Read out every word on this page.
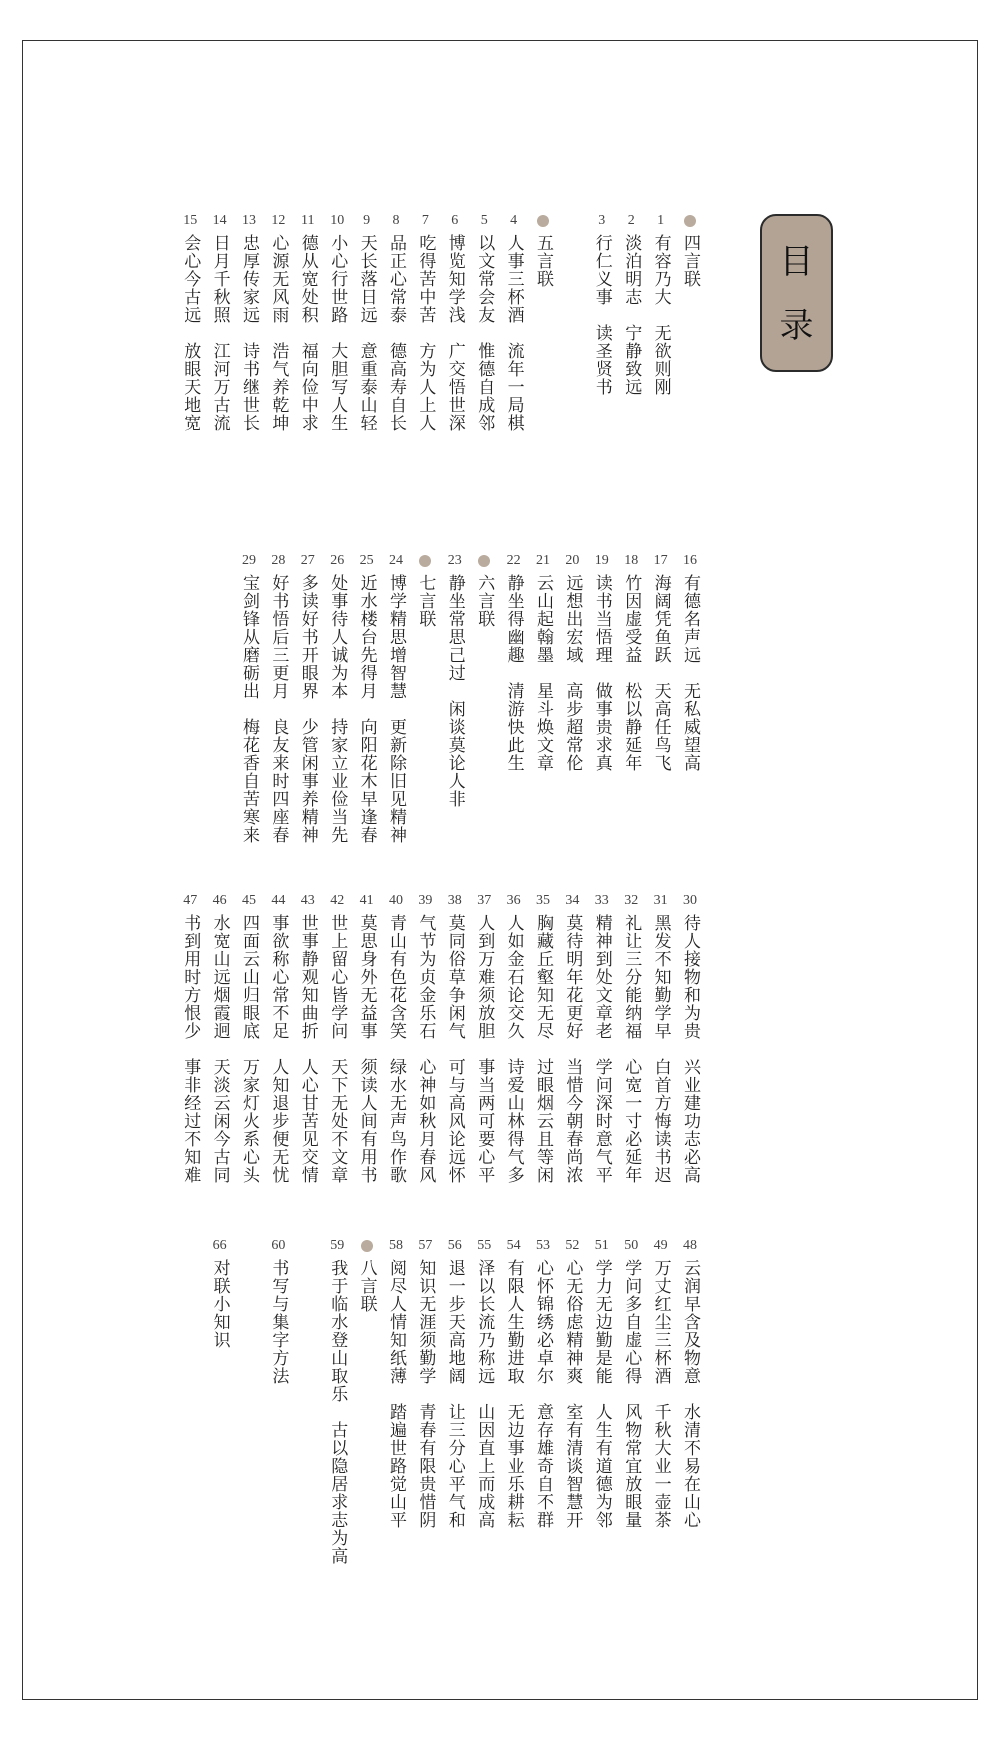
目
录
四言联
1
有容乃大　无欲则刚
2
淡泊明志　宁静致远
3
行仁义事　读圣贤书
五言联
4
人事三杯酒　流年一局棋
5
以文常会友　惟德自成邻
6
博览知学浅　广交悟世深
7
吃得苦中苦　方为人上人
8
品正心常泰　德高寿自长
9
天长落日远　意重泰山轻
10
小心行世路　大胆写人生
11
德从宽处积　福向俭中求
12
心源无风雨　浩气养乾坤
13
忠厚传家远　诗书继世长
14
日月千秋照　江河万古流
15
会心今古远　放眼天地宽
16
有德名声远　无私威望高
17
海阔凭鱼跃　天高任鸟飞
18
竹因虚受益　松以静延年
19
读书当悟理　做事贵求真
20
远想出宏域　高步超常伦
21
云山起翰墨　星斗焕文章
22
静坐得幽趣　清游快此生
六言联
23
静坐常思己过　闲谈莫论人非
七言联
24
博学精思增智慧　更新除旧见精神
25
近水楼台先得月　向阳花木早逢春
26
处事待人诚为本　持家立业俭当先
27
多读好书开眼界　少管闲事养精神
28
好书悟后三更月　良友来时四座春
29
宝剑锋从磨砺出　梅花香自苦寒来
30
待人接物和为贵　兴业建功志必高
31
黑发不知勤学早　白首方悔读书迟
32
礼让三分能纳福　心宽一寸必延年
33
精神到处文章老　学问深时意气平
34
莫待明年花更好　当惜今朝春尚浓
35
胸藏丘壑知无尽　过眼烟云且等闲
36
人如金石论交久　诗爱山林得气多
37
人到万难须放胆　事当两可要心平
38
莫同俗草争闲气　可与高风论远怀
39
气节为贞金乐石　心神如秋月春风
40
青山有色花含笑　绿水无声鸟作歌
41
莫思身外无益事　须读人间有用书
42
世上留心皆学问　天下无处不文章
43
世事静观知曲折　人心甘苦见交情
44
事欲称心常不足　人知退步便无忧
45
四面云山归眼底　万家灯火系心头
46
水宽山远烟霞迥　天淡云闲今古同
47
书到用时方恨少　事非经过不知难
48
云润早含及物意　水清不易在山心
49
万丈红尘三杯酒　千秋大业一壶茶
50
学问多自虚心得　风物常宜放眼量
51
学力无边勤是能　人生有道德为邻
52
心无俗虑精神爽　室有清谈智慧开
53
心怀锦绣必卓尔　意存雄奇自不群
54
有限人生勤进取　无边事业乐耕耘
55
泽以长流乃称远　山因直上而成高
56
退一步天高地阔　让三分心平气和
57
知识无涯须勤学　青春有限贵惜阴
58
阅尽人情知纸薄　踏遍世路觉山平
八言联
59
我于临水登山取乐　古以隐居求志为高
60
书写与集字方法
66
对联小知识
